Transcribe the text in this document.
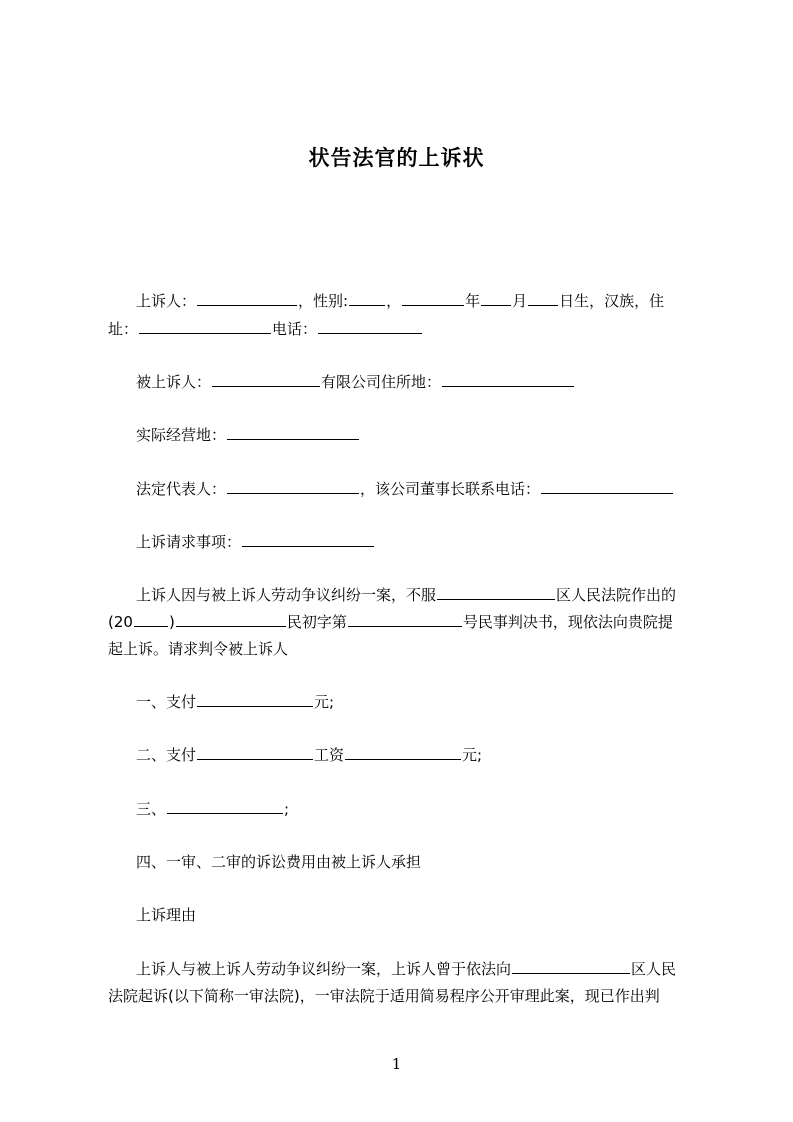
状告法官的上诉状
上诉人：	，性别:	，	年 月 日生，汉族，住
址：	电话：
被上诉人：	有限公司住所地：
实际经营地：
法定代表人：	，该公司董事长联系电话：
上诉请求事项：
上诉人因与被上诉人劳动争议纠纷一案，不服	区人民法院作出的
(20 )	民初字第	号民事判决书，现依法向贵院提
起上诉。请求判令被上诉人
一、支付	元;
二、支付	工资	元;
三、	;
四、一审、二审的诉讼费用由被上诉人承担
上诉理由
上诉人与被上诉人劳动争议纠纷一案，上诉人曾于依法向	区人民
法院起诉(以下简称一审法院)，一审法院于适用简易程序公开审理此案，现已作出判
1
